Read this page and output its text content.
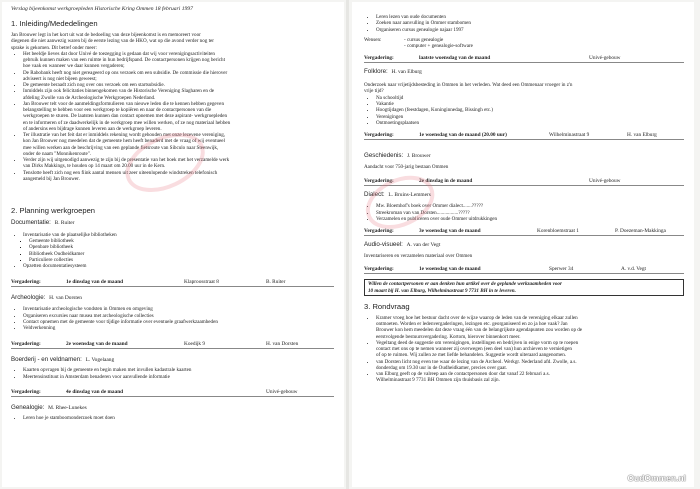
Verslag bijeenkomst werkgroepleden Historische Kring Ommen 18 februari 1997
1. Inleiding/Mededelingen

Jan Brouwer legt in het kort uit wat de bedoeling van deze bijeenkomst is en memoreert voor

diegenen die niet aanwezig waren bij de eerste lezing van de HKO, wat op die avond verder nog ter

sprake is gekomen. Dit betref onder meer:

• Het beeldje lieves dat door Univé de toezegging is gedaan dat wij voor verenigingsactiviteiten
gebruik kunnen maken van een ruimte in hun bedrijfspand. De contactpersonen krijgen nog bericht
hoe vaak en wanneer we daar kunnen vergaderen;
• De Rabobank heeft nog niet gereageerd op ons verzoek om een subsidie. De commissie die hierover
adviseert is nog niet bijeen geweest;
• De gemeente beraadt zich nog over ons verzoek om een startsubsidie.
• Inmiddels zijn ook felicitaties binnengekomen van de Historische Vereniging Slagharen en de
afdeling Zwolle van de Archeologische Werkgroepen Nederland.
• Jan Brouwer telt voor de aanmeldingsformulieren van nieuwe leden die te kennen hebben gegeven
belangstelling te hebben voor een werkgroep te kopiëren en naar de contactpersonen van die
werkgroepen te sturen. De laatsten kunnen dan contact opnemen met deze aspirant- werkgroepleden
en te informeren of ze daadwerkelijk in de werkgroep mee willen werken, of ze nog materiaal hebben
of andersins een bijdrage kunnen leveren aan de werkgroep leveren.
• Ter illustratie van het feit dat er inmiddels rekening wordt gehouden met onze lezevene vereniging,
kon Jan Brouwer nog meedelen dat de gemeente hem heeft benaderd met de vraag of wij eventueel
mee willen werken aan de beschrijving van een geplande fietsroute van Sibculo naar Steenwijk,
onder de naam "Monnikenroute".
• Verder zijn wij uitgenodigd aanwezig te zijn bij de presentatie van het boek met het verzamelde werk
van Dirks Makkings, te houden op 14 maart om 20.00 uur in de Kern.
• Tenslotte heeft zich nog een fiink aantal mensen uit zeer uiteenlopende windstreken telefonisch
aangemeld bij Jan Brouwer.
2. Planning werkgroepen
Documentatie: B. Ruiter
• Inventarisatie van de plaatselijke bibliotheken
▪ Gemeente bibliotheek
▪ Openbare bibliotheek
▪ Bibliotheek Oudheidkamer
▪ Particuliere collecties
• Opzetten documentatiesysteem
Vergadering:	1e dinsdag van de maand	Klaproosstraat 8	B. Ruiter
Archeologie: H. van Dorsten
• Inventarisatie archeologische vondsten in Ommen en omgeving
• Organiseren excursies naar musea met archeologische collecties
• Contact opnemen met de gemeente voor tijdige informatie over eventuele graafwerkzaamheden
• Veldverkenning
Vergadering:	2e woensdag van de maand	Koedijk 9	H. van Dorsten
Boerderij - en veldnamen: L. Vogelaang
• Kaarten opvragen bij de gemeente en begin maken met invullen kadastrale kaarten
• Meertensinstituut in Amsterdam benaderen voor aanvullende informatie
Vergadering:	4e dinsdag van de maand	Univé-gebouw
Genealogie: M. Rhee-Lunekes
• Leren hoe je stamboomonderzoek moet doen
• Leren lezen van oude documenten
• Zoeken naar aanvulling in Ommer stambomen
• Organiseren cursus genealogie najaar 1997
Wensen:	- cursus genealogie
- computer + genealogie-software
Vergadering:	laatste woensdag van de maand	Univé-gebouw
Folklore: H. van Elburg

Onderzoek naar vrijetijdsbesteding in Ommen in het verleden. Wat deed een Ommenaar vroeger in z'n

vrije tijd?

• Na schooltijd
• Vakantie
• Hoogtijdagen (feestdagen, Koninginnedag, Bissingh etc.)
• Verenigingen
• Ontmoetingsplaatsen
Vergadering:	1e woensdag van de maand (20.00 uur)	Wilhelminastraat 9	H. van Elburg
Geschiedenis: J. Brouwer

Aandacht voor 750-jarig bestaan Ommen

Vergadering:	2e dinsdag in de maand	Univé-gebouw
Dialect: L. Bruins-Lemmers
• Mw. Bloemhof's boek over Ommer dialect.......?????
• Streekroman van van Dorsten.................?????
• Verzamelen en publiceren over oude Ommer uitdrukkingen
Vergadering:	3e woensdag van de maand	Korenbloemstraat 1	P. Doezeman-Makkinga
Audio-visueel: A. van der Vegt

Inventariseren en verzamelen materiaal over Ommen

Vergadering:	1e woensdag van de maand	Sperwer 34	A. v.d. Vegt
Willen de contactpersonen er aan denken hun artikel over de geplande werkzaamheden voor
10 maart bij H. van Elburg, Wilhelminastraat 9 7731 BH in te leveren.
3. Rondvraag
• Kramer vroeg hoe het bestuur dacht over de wijze waarop de leden van de vereniging elkaar zullen
ontmoeten. Worden er ledenvergaderingen, lezingen etc. georganiseerd en zo ja hoe vaak? Jan
Brouwer kon hem meedelen dat deze vraag één van de belangrijkste agendapunten zou worden op de
eerstvolgende bestuursvergadering. Kortom, hierover binnenkort meer.
• Vegeltang deed de suggestie om verenigingen, instellingen en bedrijven in enige vorm op te roepen
contact met ons op te nemen wanneer zij overwegen (een deel van) hun archieven te vernietigen
of op te ruimen. Wij zullen ze met liefde behandelen. Suggestie wordt uiteraard aangenomen.
• van Dorsten licht nog even toe waar de lezing van de Archeol. Werkgr. Nederland afd. Zwolle, a.s.
donderdag om 19.30 uur in de Oudheidkamer, precies over gaat.
• van Elburg geeft op de valreep aan de contactpersonen door dat vanaf 22 februari a.s.
Wilhelminastraat 9 7731 BH Ommen zijn thuisbasis zal zijn.
OudOmmen.nl
